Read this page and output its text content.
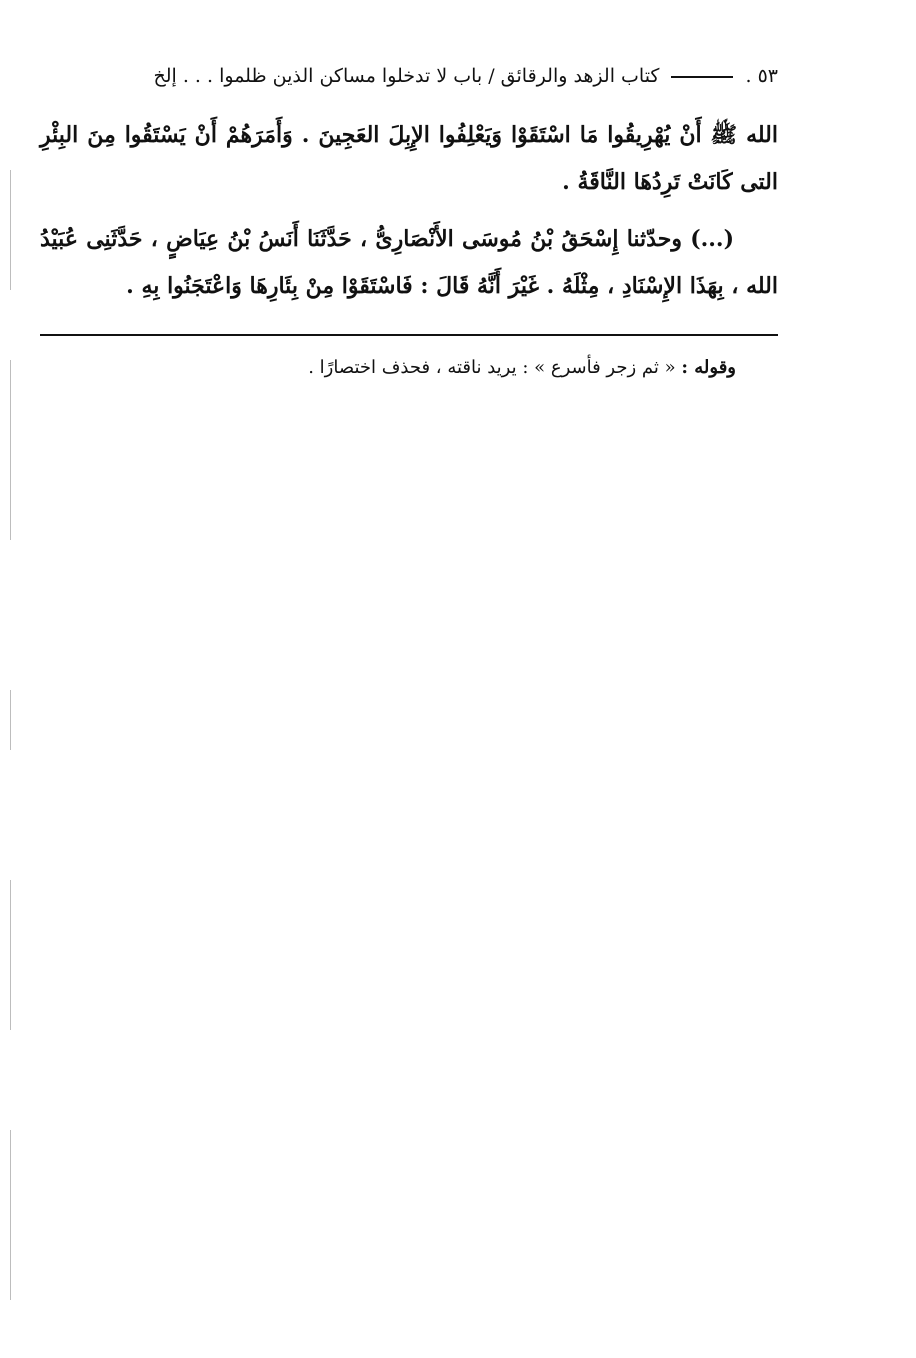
٥٣ .
كتاب الزهد والرقائق / باب لا تدخلوا مساكن الذين ظلموا . . . إلخ

الله ﷺ أَنْ يُهْرِيقُوا مَا اسْتَقَوْا وَيَعْلِفُوا الإِبِلَ العَجِينَ . وَأَمَرَهُمْ أَنْ يَسْتَقُوا مِنَ البِئْرِ التى كَانَتْ تَرِدُهَا النَّاقَةُ .

(...) وحدّثنا إِسْحَقُ بْنُ مُوسَى الأَنْصَارِىُّ ، حَدَّثَنَا أَنَسُ بْنُ عِيَاضٍ ، حَدَّثَنِى عُبَيْدُ الله ، بِهَذَا الإِسْنَادِ ، مِثْلَهُ . غَيْرَ أَنَّهُ قَالَ : فَاسْتَقَوْا مِنْ بِئَارِهَا وَاعْتَجَنُوا بِهِ .

وقوله : « ثم زجر فأسرع » : يريد ناقته ، فحذف اختصارًا .
